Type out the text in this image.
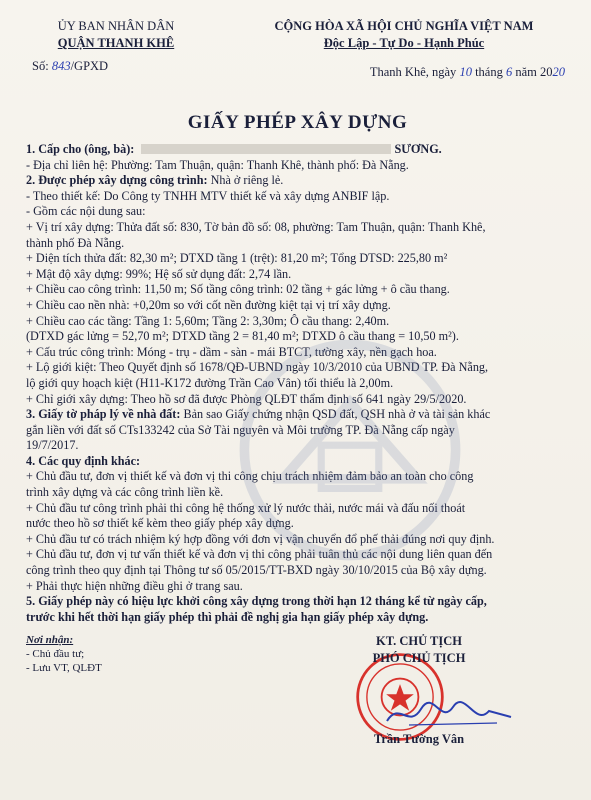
ỦY BAN NHÂN DÂN
QUẬN THANH KHÊ
Số: 843/GPXD
CỘNG HÒA XÃ HỘI CHỦ NGHĨA VIỆT NAM
Độc Lập - Tự Do - Hạnh Phúc
Thanh Khê, ngày 10 tháng 6 năm 2020
GIẤY PHÉP XÂY DỰNG

1. Cấp cho (ông, bà):	SƯƠNG.

- Địa chỉ liên hệ: Phường: Tam Thuận, quận: Thanh Khê, thành phố: Đà Nẵng.

2. Được phép xây dựng công trình: Nhà ở riêng lẻ.

- Theo thiết kế: Do Công ty TNHH MTV thiết kế và xây dựng ANBIF lập.

- Gồm các nội dung sau:

+ Vị trí xây dựng: Thửa đất số: 830, Tờ bản đồ số: 08, phường: Tam Thuận, quận: Thanh Khê,

thành phố Đà Nẵng.

+ Diện tích thửa đất: 82,30 m²; DTXD tầng 1 (trệt): 81,20 m²; Tổng DTSD: 225,80 m²

+ Mật độ xây dựng: 99%; Hệ số sử dụng đất: 2,74 lần.

+ Chiều cao công trình: 11,50 m; Số tầng công trình: 02 tầng + gác lửng + ô cầu thang.

+ Chiều cao nền nhà: +0,20m so với cốt nền đường kiệt tại vị trí xây dựng.

+ Chiều cao các tầng: Tầng 1: 5,60m; Tầng 2: 3,30m; Ô cầu thang: 2,40m.

(DTXD gác lửng = 52,70 m²; DTXD tầng 2 = 81,40 m²; DTXD ô cầu thang = 10,50 m²).

+ Cấu trúc công trình: Móng - trụ - dầm - sàn - mái BTCT, tường xây, nền gạch hoa.

+ Lộ giới kiệt: Theo Quyết định số 1678/QĐ-UBND ngày 10/3/2010 của UBND TP. Đà Nẵng,

lộ giới quy hoạch kiệt (H11-K172 đường Trần Cao Vân) tối thiểu là 2,00m.

+ Chỉ giới xây dựng: Theo hồ sơ đã được Phòng QLĐT thẩm định số 641 ngày 29/5/2020.

3. Giấy tờ pháp lý về nhà đất: Bản sao Giấy chứng nhận QSD đất, QSH nhà ở và tài sản khác

gắn liền với đất số CTs133242 của Sở Tài nguyên và Môi trường TP. Đà Nẵng cấp ngày

19/7/2017.

4. Các quy định khác:

+ Chủ đầu tư, đơn vị thiết kế và đơn vị thi công chịu trách nhiệm đảm bảo an toàn cho công

trình xây dựng và các công trình liền kề.

+ Chủ đầu tư công trình phải thi công hệ thống xử lý nước thải, nước mái và đấu nối thoát

nước theo hồ sơ thiết kế kèm theo giấy phép xây dựng.

+ Chủ đầu tư có trách nhiệm ký hợp đồng với đơn vị vận chuyển đổ phế thải đúng nơi quy định.

+ Chủ đầu tư, đơn vị tư vấn thiết kế và đơn vị thi công phải tuân thủ các nội dung liên quan đến

công trình theo quy định tại Thông tư số 05/2015/TT-BXD ngày 30/10/2015 của Bộ xây dựng.

+ Phải thực hiện những điều ghi ở trang sau.

5. Giấy phép này có hiệu lực khởi công xây dựng trong thời hạn 12 tháng kể từ ngày cấp,

trước khi hết thời hạn giấy phép thì phải đề nghị gia hạn giấy phép xây dựng.

Nơi nhận:
- Chủ đầu tư;
- Lưu VT, QLĐT
KT. CHỦ TỊCH
PHÓ CHỦ TỊCH
Trần Tường Vân
